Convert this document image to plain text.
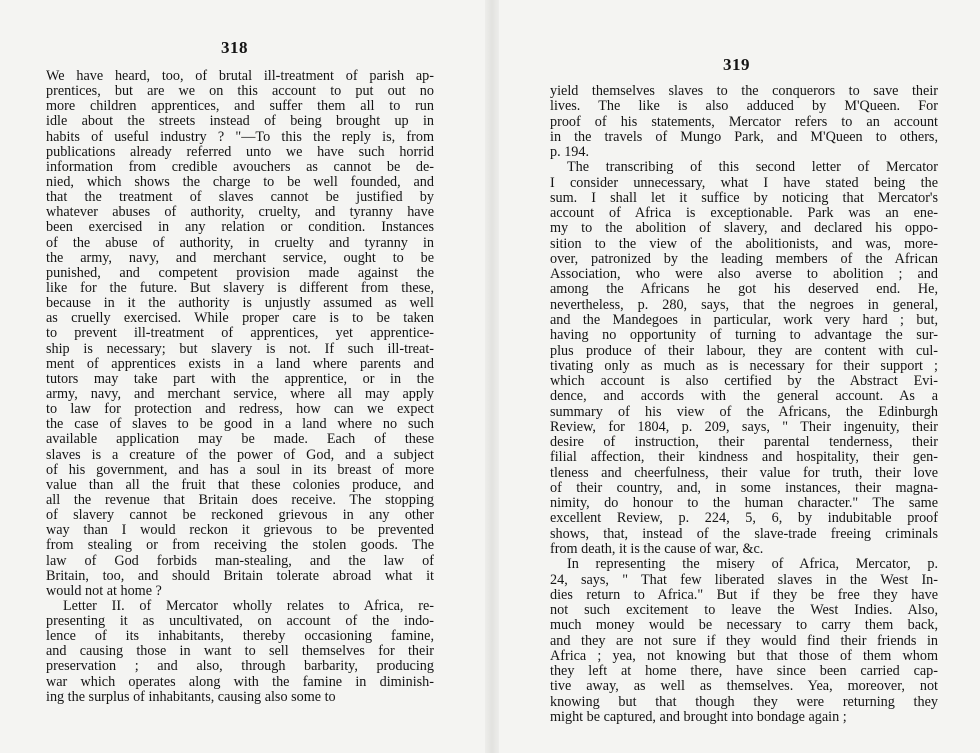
318
We have heard, too, of brutal ill-treatment of parish ap-
prentices, but are we on this account to put out no
more children apprentices, and suffer them all to run
idle about the streets instead of being brought up in
habits of useful industry ? "—To this the reply is, from
publications already referred unto we have such horrid
information from credible avouchers as cannot be de-
nied, which shows the charge to be well founded, and
that the treatment of slaves cannot be justified by
whatever abuses of authority, cruelty, and tyranny have
been exercised in any relation or condition. Instances
of the abuse of authority, in cruelty and tyranny in
the army, navy, and merchant service, ought to be
punished, and competent provision made against the
like for the future. But slavery is different from these,
because in it the authority is unjustly assumed as well
as cruelly exercised. While proper care is to be taken
to prevent ill-treatment of apprentices, yet apprentice-
ship is necessary; but slavery is not. If such ill-treat-
ment of apprentices exists in a land where parents and
tutors may take part with the apprentice, or in the
army, navy, and merchant service, where all may apply
to law for protection and redress, how can we expect
the case of slaves to be good in a land where no such
available application may be made. Each of these
slaves is a creature of the power of God, and a subject
of his government, and has a soul in its breast of more
value than all the fruit that these colonies produce, and
all the revenue that Britain does receive. The stopping
of slavery cannot be reckoned grievous in any other
way than I would reckon it grievous to be prevented
from stealing or from receiving the stolen goods. The
law of God forbids man-stealing, and the law of
Britain, too, and should Britain tolerate abroad what it
would not at home ?
Letter II. of Mercator wholly relates to Africa, re-
presenting it as uncultivated, on account of the indo-
lence of its inhabitants, thereby occasioning famine,
and causing those in want to sell themselves for their
preservation ; and also, through barbarity, producing
war which operates along with the famine in diminish-
ing the surplus of inhabitants, causing also some to
319
yield themselves slaves to the conquerors to save their
lives. The like is also adduced by M'Queen. For
proof of his statements, Mercator refers to an account
in the travels of Mungo Park, and M'Queen to others,
p. 194.
The transcribing of this second letter of Mercator
I consider unnecessary, what I have stated being the
sum. I shall let it suffice by noticing that Mercator's
account of Africa is exceptionable. Park was an ene-
my to the abolition of slavery, and declared his oppo-
sition to the view of the abolitionists, and was, more-
over, patronized by the leading members of the African
Association, who were also averse to abolition ; and
among the Africans he got his deserved end. He,
nevertheless, p. 280, says, that the negroes in general,
and the Mandegoes in particular, work very hard ; but,
having no opportunity of turning to advantage the sur-
plus produce of their labour, they are content with cul-
tivating only as much as is necessary for their support ;
which account is also certified by the Abstract Evi-
dence, and accords with the general account. As a
summary of his view of the Africans, the Edinburgh
Review, for 1804, p. 209, says, " Their ingenuity, their
desire of instruction, their parental tenderness, their
filial affection, their kindness and hospitality, their gen-
tleness and cheerfulness, their value for truth, their love
of their country, and, in some instances, their magna-
nimity, do honour to the human character." The same
excellent Review, p. 224, 5, 6, by indubitable proof
shows, that, instead of the slave-trade freeing criminals
from death, it is the cause of war, &c.
In representing the misery of Africa, Mercator, p.
24, says, " That few liberated slaves in the West In-
dies return to Africa." But if they be free they have
not such excitement to leave the West Indies. Also,
much money would be necessary to carry them back,
and they are not sure if they would find their friends in
Africa ; yea, not knowing but that those of them whom
they left at home there, have since been carried cap-
tive away, as well as themselves. Yea, moreover, not
knowing but that though they were returning they
might be captured, and brought into bondage again ;
